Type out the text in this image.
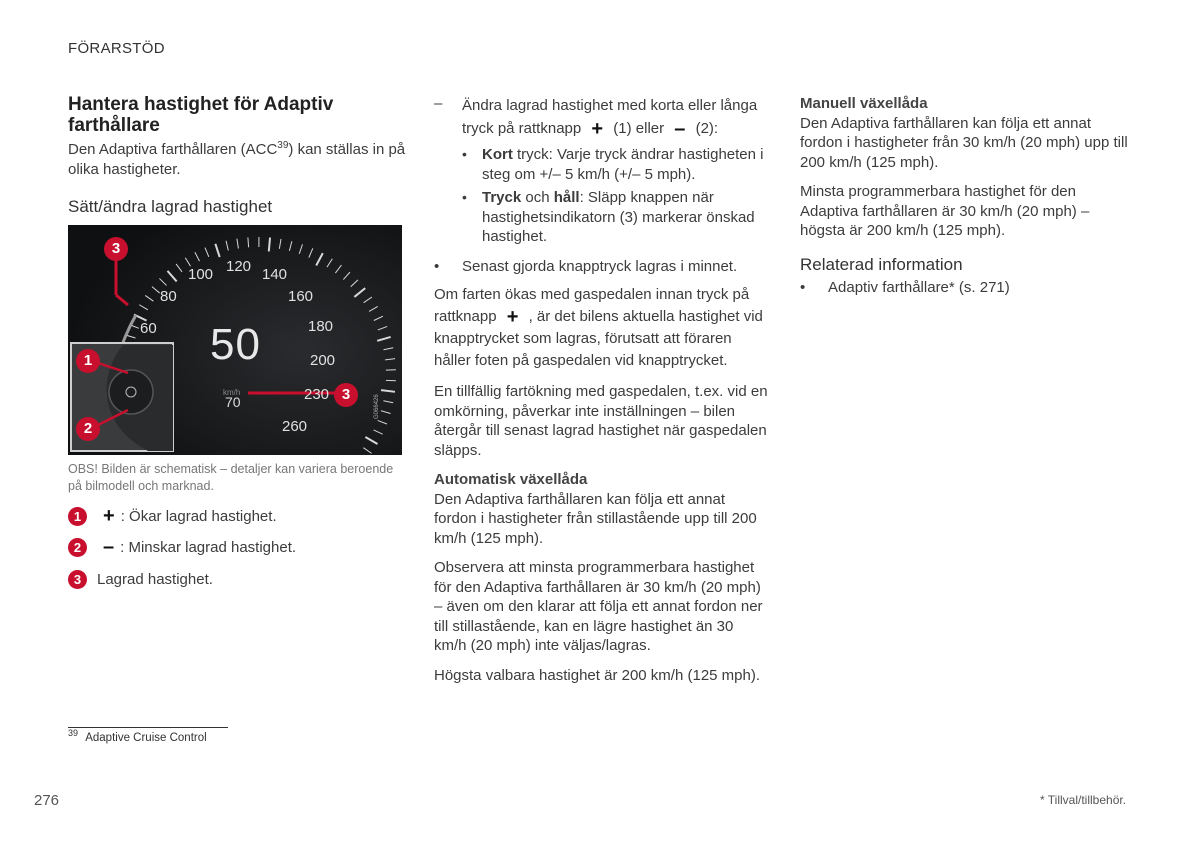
FÖRARSTÖD
Hantera hastighet för Adaptiv farthållare

Den Adaptiva farthållaren (ACC$^{39}$) kan ställas in på olika hastigheter.

Sätt/ändra lagrad hastighet
50
km/h
70	G066426
60
80
100 120 140
160
180
200
230
260
3
1
2
3
OBS! Bilden är schematisk – detaljer kan variera beroende på bilmodell och marknad.
1 + : Ökar lagrad hastighet.
2 – : Minskar lagrad hastighet.
3	Lagrad hastighet.
–	Ändra lagrad hastighet med korta eller långa tryck på rattknapp + (1) eller – (2):
•	Kort tryck: Varje tryck ändrar hastigheten i steg om +/– 5 km/h (+/– 5 mph).
•	Tryck och håll: Släpp knappen när hastighetsindikatorn (3) markerar önskad hastighet.
•	Senast gjorda knapptryck lagras i minnet.

Om farten ökas med gaspedalen innan tryck på rattknapp + , är det bilens aktuella hastighet vid knapptrycket som lagras, förutsatt att föraren håller foten på gaspedalen vid knapptrycket.

En tillfällig fartökning med gaspedalen, t.ex. vid en omkörning, påverkar inte inställningen – bilen återgår till senast lagrad hastighet när gaspedalen släpps.

Automatisk växellåda

Den Adaptiva farthållaren kan följa ett annat fordon i hastigheter från stillastående upp till 200 km/h (125 mph).

Observera att minsta programmerbara hastighet för den Adaptiva farthållaren är 30 km/h (20 mph) – även om den klarar att följa ett annat fordon ner till stillastående, kan en lägre hastighet än 30 km/h (20 mph) inte väljas/lagras.

Högsta valbara hastighet är 200 km/h (125 mph).

Manuell växellåda

Den Adaptiva farthållaren kan följa ett annat fordon i hastigheter från 30 km/h (20 mph) upp till 200 km/h (125 mph).

Minsta programmerbara hastighet för den Adaptiva farthållaren är 30 km/h (20 mph) – högsta är 200 km/h (125 mph).

Relaterad information
•	Adaptiv farthållare* (s. 271)
$^{39}$ Adaptive Cruise Control
276	* Tillval/tillbehör.
